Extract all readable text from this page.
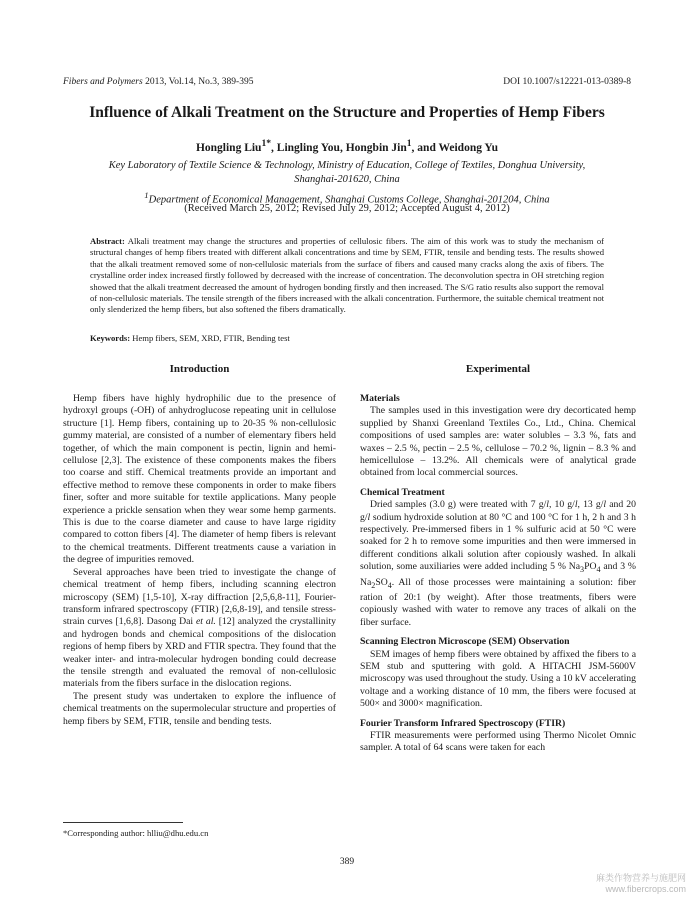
Fibers and Polymers 2013, Vol.14, No.3, 389-395	DOI 10.1007/s12221-013-0389-8
Influence of Alkali Treatment on the Structure and Properties of Hemp Fibers
Hongling Liu$^{1*}$, Lingling You, Hongbin Jin$^1$, and Weidong Yu
Key Laboratory of Textile Science & Technology, Ministry of Education, College of Textiles, Donghua University,
Shanghai-201620, China
$^1$Department of Economical Management, Shanghai Customs College, Shanghai-201204, China
(Received March 25, 2012; Revised July 29, 2012; Accepted August 4, 2012)
Abstract: Alkali treatment may change the structures and properties of cellulosic fibers. The aim of this work was to study the mechanism of structural changes of hemp fibers treated with different alkali concentrations and time by SEM, FTIR, tensile and bending tests. The results showed that the alkali treatment removed some of non-cellulosic materials from the surface of fibers and caused many cracks along the axis of fibers. The crystalline order index increased firstly followed by decreased with the increase of concentration. The deconvolution spectra in OH stretching region showed that the alkali treatment decreased the amount of hydrogen bonding firstly and then increased. The S/G ratio results also support the removal of non-cellulosic materials. The tensile strength of the fibers increased with the alkali concentration. Furthermore, the suitable chemical treatment not only slenderized the hemp fibers, but also softened the fibers dramatically.
Keywords: Hemp fibers, SEM, XRD, FTIR, Bending test
Introduction	Experimental

Hemp fibers have highly hydrophilic due to the presence of hydroxyl groups (-OH) of anhydroglucose repeating unit in cellulose structure [1]. Hemp fibers, containing up to 20-35 % non-cellulosic gummy material, are consisted of a number of elementary fibers held together, of which the main component is pectin, lignin and hemi-cellulose [2,3]. The existence of these components makes the fibers too coarse and stiff. Chemical treatments provide an important and effective method to remove these components in order to make fibers finer, softer and more suitable for textile applications. Many people experience a prickle sensation when they wear some hemp garments. This is due to the coarse diameter and cause to have large rigidity compared to cotton fibers [4]. The diameter of hemp fibers is relevant to the chemical treatments. Different treatments cause a variation in the degree of impurities removed.

Several approaches have been tried to investigate the change of chemical treatment of hemp fibers, including scanning electron microscopy (SEM) [1,5-10], X-ray diffraction [2,5,6,8-11], Fourier-transform infrared spectroscopy (FTIR) [2,6,8-19], and tensile stress-strain curves [1,6,8]. Dasong Dai et al. [12] analyzed the crystallinity and hydrogen bonds and chemical compositions of the dislocation regions of hemp fibers by XRD and FTIR spectra. They found that the weaker inter- and intra-molecular hydrogen bonding could decrease the tensile strength and evaluated the removal of non-cellulosic materials from the fibers surface in the dislocation regions.

The present study was undertaken to explore the influence of chemical treatments on the supermolecular structure and properties of hemp fibers by SEM, FTIR, tensile and bending tests.

Materials

The samples used in this investigation were dry decorticated hemp supplied by Shanxi Greenland Textiles Co., Ltd., China. Chemical compositions of used samples are: water solubles – 3.3 %, fats and waxes – 2.5 %, pectin – 2.5 %, cellulose – 70.2 %, lignin – 8.3 % and hemicellulose – 13.2%. All chemicals were of analytical grade obtained from local commercial sources.

Chemical Treatment

Dried samples (3.0 g) were treated with 7 g/l, 10 g/l, 13 g/l and 20 g/l sodium hydroxide solution at 80 °C and 100 °C for 1 h, 2 h and 3 h respectively. Pre-immersed fibers in 1 % sulfuric acid at 50 °C were soaked for 2 h to remove some impurities and then were immersed in different conditions alkali solution after copiously washed. In alkali solution, some auxiliaries were added including 5 % $Na_3PO_4$ and 3 % $Na_2SO_4$. All of those processes were maintaining a solution: fiber ration of 20:1 (by weight). After those treatments, fibers were copiously washed with water to remove any traces of alkali on the fiber surface.

Scanning Electron Microscope (SEM) Observation

SEM images of hemp fibers were obtained by affixed the fibers to a SEM stub and sputtering with gold. A HITACHI JSM-5600V microscopy was used throughout the study. Using a 10 kV accelerating voltage and a working distance of 10 mm, the fibers were focused at 500× and 3000× magnification.

Fourier Transform Infrared Spectroscopy (FTIR)

FTIR measurements were performed using Thermo Nicolet Omnic sampler. A total of 64 scans were taken for each

*Corresponding author: hlliu@dhu.edu.cn
389
麻类作物营养与施肥网
www.fibercrops.com
